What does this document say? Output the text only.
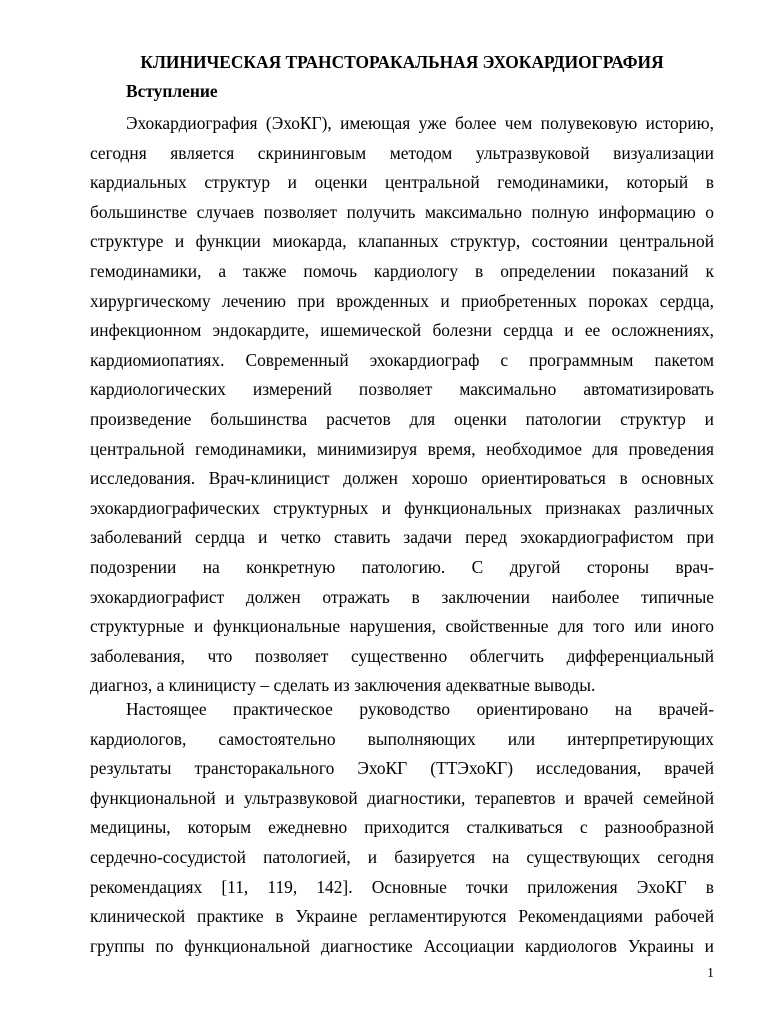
КЛИНИЧЕСКАЯ ТРАНСТОРАКАЛЬНАЯ ЭХОКАРДИОГРАФИЯ

Вступление

Эхокардиография (ЭхоКГ), имеющая уже более чем полувековую историю,
сегодня является скрининговым методом ультразвуковой визуализации
кардиальных структур и оценки центральной гемодинамики, который в
большинстве случаев позволяет получить максимально полную информацию о
структуре и функции миокарда, клапанных структур, состоянии центральной
гемодинамики, а также помочь кардиологу в определении показаний к
хирургическому лечению при врожденных и приобретенных пороках сердца,
инфекционном эндокардите, ишемической болезни сердца и ее осложнениях,
кардиомиопатиях. Современный эхокардиограф с программным пакетом
кардиологических измерений позволяет максимально автоматизировать
произведение большинства расчетов для оценки патологии структур и
центральной гемодинамики, минимизируя время, необходимое для проведения
исследования. Врач-клиницист должен хорошо ориентироваться в основных
эхокардиографических структурных и функциональных признаках различных
заболеваний сердца и четко ставить задачи перед эхокардиографистом при
подозрении на конкретную патологию. С другой стороны врач-
эхокардиографист должен отражать в заключении наиболее типичные
структурные и функциональные нарушения, свойственные для того или иного
заболевания, что позволяет существенно облегчить дифференциальный
диагноз, а клиницисту – сделать из заключения адекватные выводы.
Настоящее практическое руководство ориентировано на врачей-
кардиологов, самостоятельно выполняющих или интерпретирующих
результаты трансторакального ЭхоКГ (ТТЭхоКГ) исследования, врачей
функциональной и ультразвуковой диагностики, терапевтов и врачей семейной
медицины, которым ежедневно приходится сталкиваться с разнообразной
сердечно-сосудистой патологией, и базируется на существующих сегодня
рекомендациях [11, 119, 142]. Основные точки приложения ЭхоКГ в
клинической практике в Украине регламентируются Рекомендациями рабочей
группы по функциональной диагностике Ассоциации кардиологов Украины и

1
